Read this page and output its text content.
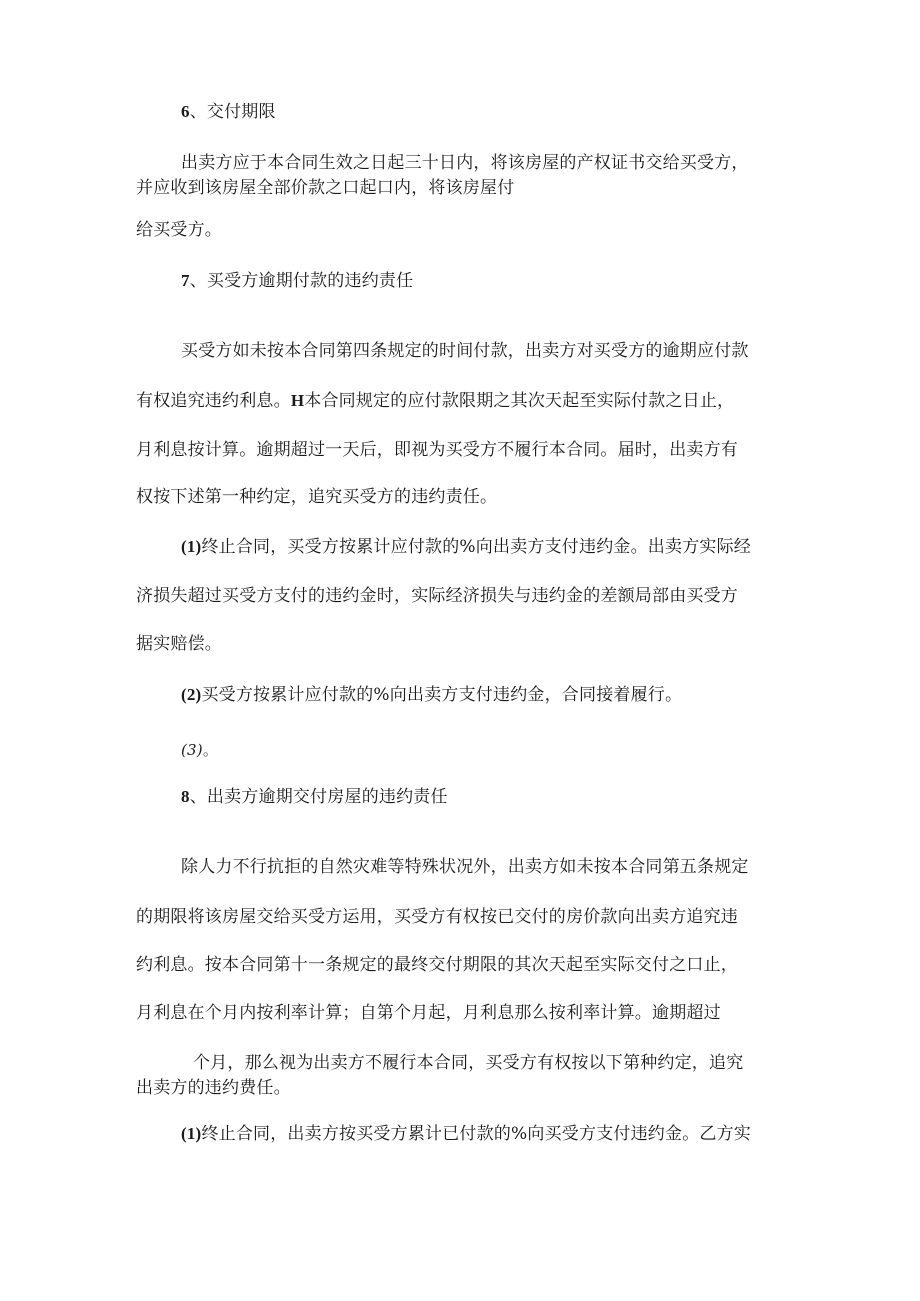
6、交付期限
出卖方应于本合同生效之日起三十日内，将该房屋的产权证书交给买受方，
并应收到该房屋全部价款之口起口内，将该房屋付
给买受方。
7、买受方逾期付款的违约责任
买受方如未按本合同第四条规定的时间付款，出卖方对买受方的逾期应付款
有权追究违约利息。H本合同规定的应付款限期之其次天起至实际付款之日止，
月利息按计算。逾期超过一天后，即视为买受方不履行本合同。届时，出卖方有
权按下述第一种约定，追究买受方的违约责任。
(1)终止合同，买受方按累计应付款的%向出卖方支付违约金。出卖方实际经
济损失超过买受方支付的违约金时，实际经济损失与违约金的差额局部由买受方
据实赔偿。
(2)买受方按累计应付款的%向出卖方支付违约金，合同接着履行。
(3)。
8、出卖方逾期交付房屋的违约责任
除人力不行抗拒的自然灾难等特殊状况外，出卖方如未按本合同第五条规定
的期限将该房屋交给买受方运用，买受方有权按已交付的房价款向出卖方追究违
约利息。按本合同第十一条规定的最终交付期限的其次天起至实际交付之口止，
月利息在个月内按利率计算；自第个月起，月利息那么按利率计算。逾期超过
个月，那么视为出卖方不履行本合同，买受方有权按以下第种约定，追究
出卖方的违约费任。
(1)终止合同，出卖方按买受方累计已付款的%向买受方支付违约金。乙方实
